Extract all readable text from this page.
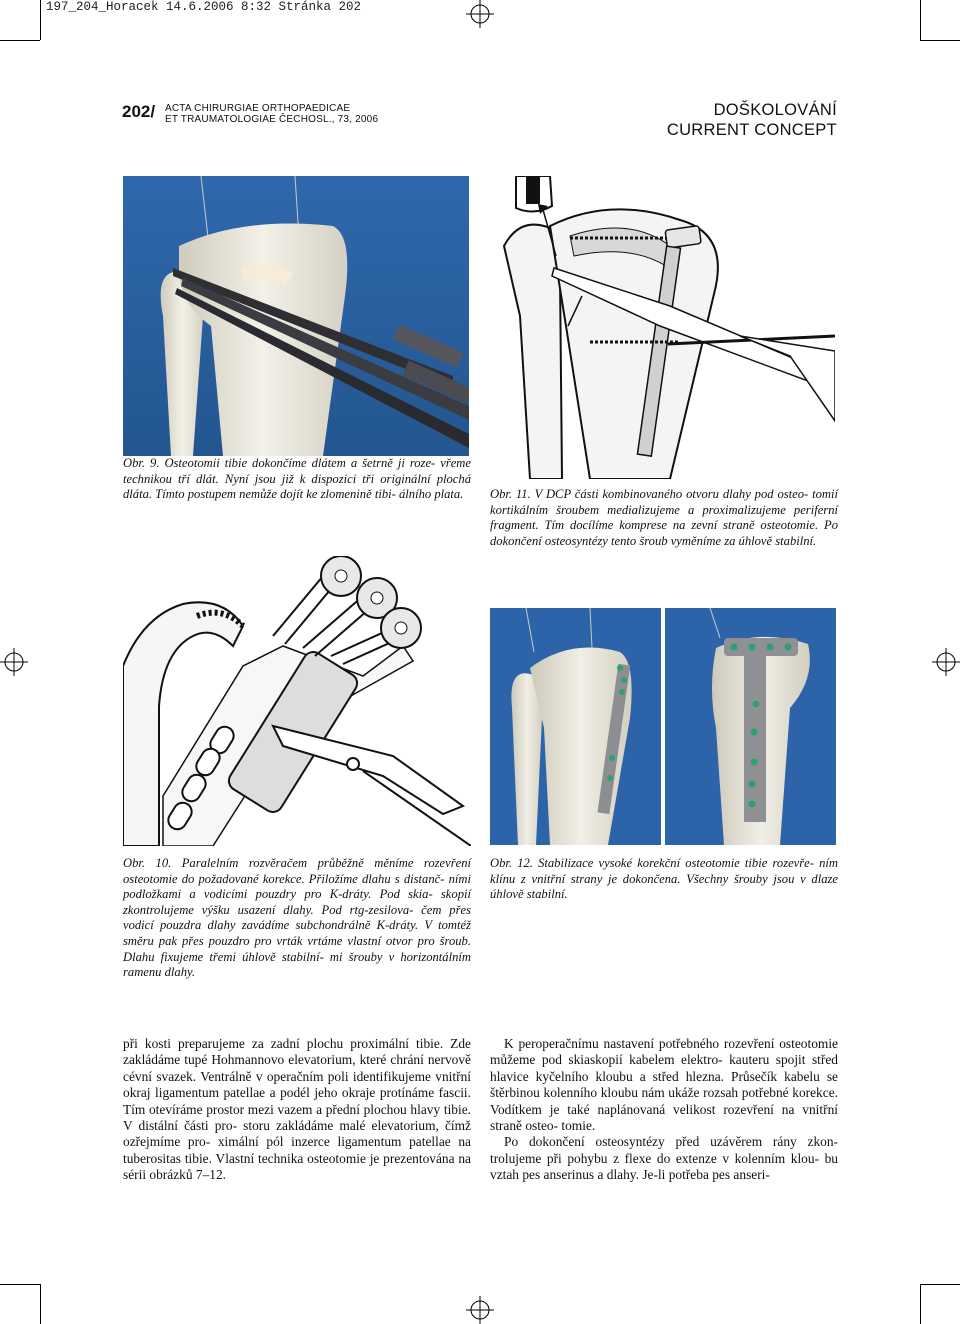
197_204_Horacek 14.6.2006 8:32 Stránka 202
202/ ACTA CHIRURGIAE ORTHOPAEDICAE
ET TRAUMATOLOGIAE ČECHOSL., 73, 2006
DOŠKOLOVÁNÍ
CURRENT CONCEPT
Obr. 9. Osteotomii tibie dokončíme dlátem a šetrně ji roze- vřeme technikou tří dlát. Nyní jsou již k dispozici tři originální plochá dláta. Tímto postupem nemůže dojít ke zlomenině tibi- álního plata.	Obr. 11. V DCP části kombinovaného otvoru dlahy pod osteo- tomií kortikálním šroubem medializujeme a proximalizujeme periferní fragment. Tím docílíme komprese na zevní straně osteotomie. Po dokončení osteosyntézy tento šroub vyměníme za úhlově stabilní.
Obr. 10. Paralelním rozvěračem průběžně měníme rozevření osteotomie do požadované korekce. Přiložíme dlahu s distanč- ními podložkami a vodicími pouzdry pro K-dráty. Pod skia- skopií zkontrolujeme výšku usazení dlahy. Pod rtg-zesilova- čem přes vodicí pouzdra dlahy zavádíme subchondrálně K-dráty. V tomtéž směru pak přes pouzdro pro vrták vrtáme vlastní otvor pro šroub. Dlahu fixujeme třemi úhlově stabilní- mi šrouby v horizontálním ramenu dlahy.
Obr. 12. Stabilizace vysoké korekční osteotomie tibie rozevře- ním klínu z vnitřní strany je dokončena. Všechny šrouby jsou v dlaze úhlově stabilní.

při kosti preparujeme za zadní plochu proximální tibie. Zde zakládáme tupé Hohmannovo elevatorium, které chrání nervově cévní svazek. Ventrálně v operačním poli identifikujeme vnitřní okraj ligamentum patellae a podél jeho okraje protínáme fascii. Tím otevíráme prostor mezi vazem a přední plochou hlavy tibie. V distální části pro- storu zakládáme malé elevatorium, čímž ozřejmíme pro- ximální pól inzerce ligamentum patellae na tuberositas tibie. Vlastní technika osteotomie je prezentována na sérii obrázků 7–12.

K peroperačnímu nastavení potřebného rozevření osteotomie můžeme pod skiaskopií kabelem elektro- kauteru spojit střed hlavice kyčelního kloubu a střed hlezna. Průsečík kabelu se štěrbinou kolenního kloubu nám ukáže rozsah potřebné korekce. Vodítkem je také naplánovaná velikost rozevření na vnitřní straně osteo- tomie.

Po dokončení osteosyntézy před uzávěrem rány zkon- trolujeme při pohybu z flexe do extenze v kolenním klou- bu vztah pes anserinus a dlahy. Je-li potřeba pes anseri-
